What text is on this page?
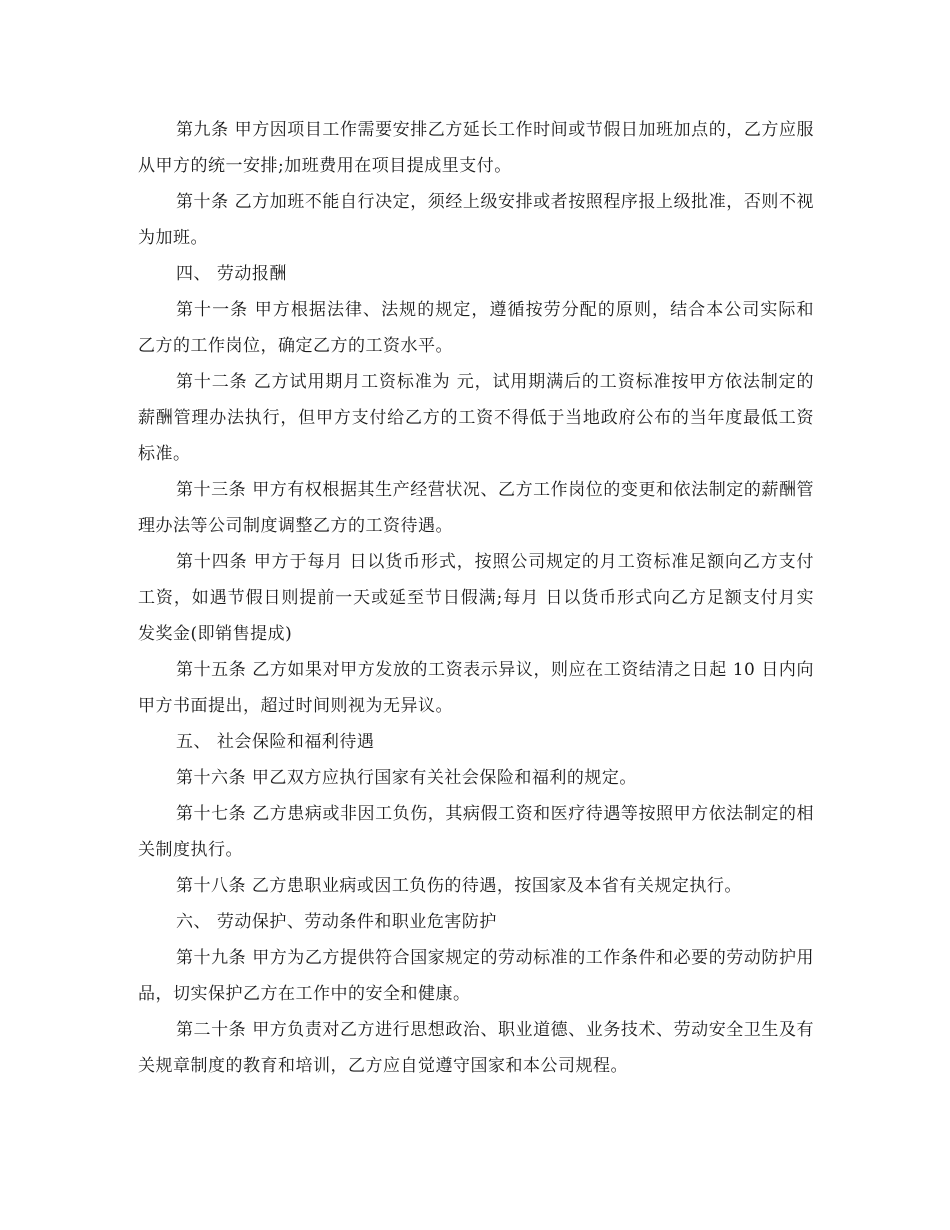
第九条 甲方因项目工作需要安排乙方延长工作时间或节假日加班加点的，乙方应服从甲方的统一安排;加班费用在项目提成里支付。

第十条 乙方加班不能自行决定，须经上级安排或者按照程序报上级批准，否则不视为加班。

四、 劳动报酬

第十一条 甲方根据法律、法规的规定，遵循按劳分配的原则，结合本公司实际和 乙方的工作岗位，确定乙方的工资水平。

第十二条 乙方试用期月工资标准为 元，试用期满后的工资标准按甲方依法制定的薪酬管理办法执行，但甲方支付给乙方的工资不得低于当地政府公布的当年度最低工资标准。

第十三条 甲方有权根据其生产经营状况、乙方工作岗位的变更和依法制定的薪酬管理办法等公司制度调整乙方的工资待遇。

第十四条 甲方于每月 日以货币形式，按照公司规定的月工资标准足额向乙方支付工资，如遇节假日则提前一天或延至节日假满;每月 日以货币形式向乙方足额支付月实发奖金(即销售提成)

第十五条 乙方如果对甲方发放的工资表示异议，则应在工资结清之日起 10 日内向甲方书面提出，超过时间则视为无异议。

五、 社会保险和福利待遇

第十六条 甲乙双方应执行国家有关社会保险和福利的规定。

第十七条 乙方患病或非因工负伤，其病假工资和医疗待遇等按照甲方依法制定的相关制度执行。

第十八条 乙方患职业病或因工负伤的待遇，按国家及本省有关规定执行。

六、 劳动保护、劳动条件和职业危害防护

第十九条 甲方为乙方提供符合国家规定的劳动标准的工作条件和必要的劳动防护用品，切实保护乙方在工作中的安全和健康。

第二十条 甲方负责对乙方进行思想政治、职业道德、业务技术、劳动安全卫生及有关规章制度的教育和培训，乙方应自觉遵守国家和本公司规程。
